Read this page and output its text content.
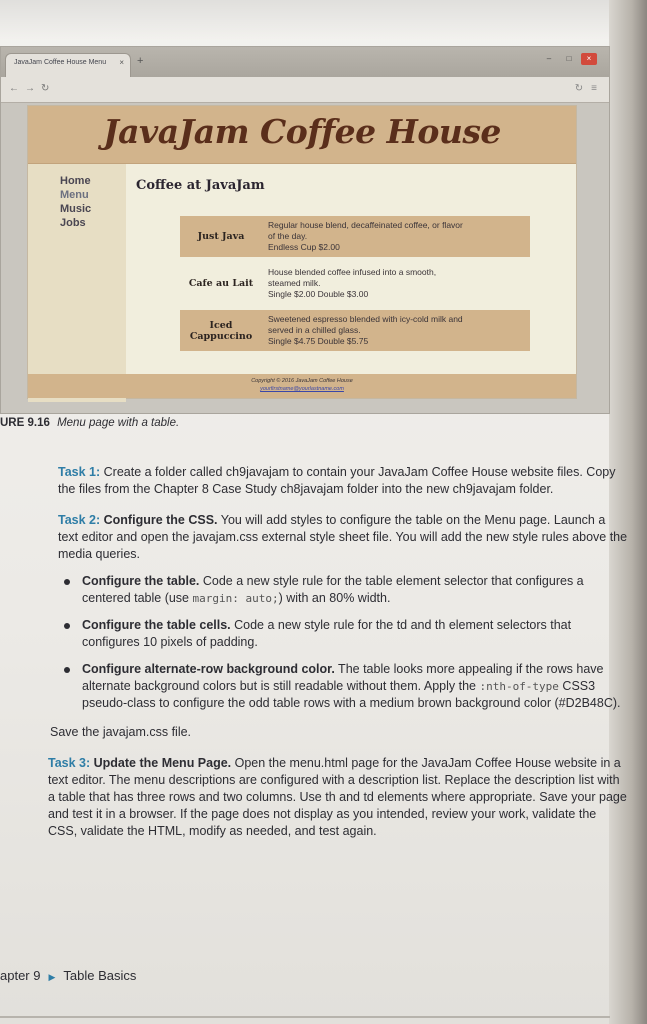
JavaJam Coffee House Menu × +	–	□	×
← → ↻	↻ ≡
JavaJam Coffee House
Home
Menu
Music
Jobs
Coffee at JavaJam
Just Java	Regular house blend, decaffeinated coffee, or flavor
of the day.
Endless Cup $2.00

Cafe au Lait	House blended coffee infused into a smooth,
steamed milk.
Single $2.00 Double $3.00

Iced Cappuccino	Sweetened espresso blended with icy-cold milk and
served in a chilled glass.
Single $4.75 Double $5.75
Copyright © 2016 JavaJam Coffee House
yourfirstname@yourlastname.com
URE 9.16 Menu page with a table.

Task 1: Create a folder called ch9javajam to contain your JavaJam Coffee House website files. Copy the files from the Chapter 8 Case Study ch8javajam folder into the new ch9javajam folder.

Task 2: Configure the CSS. You will add styles to configure the table on the Menu page. Launch a text editor and open the javajam.css external style sheet file. You will add the new style rules above the media queries.

Configure the table. Code a new style rule for the table element selector that configures a centered table (use margin: auto;) with an 80% width.
Configure the table cells. Code a new style rule for the td and th element selectors that configures 10 pixels of padding.
Configure alternate-row background color. The table looks more appealing if the rows have alternate background colors but is still readable without them. Apply the :nth-of-type CSS3 pseudo-class to configure the odd table rows with a medium brown background color (#D2B48C).

Save the javajam.css file.

Task 3: Update the Menu Page. Open the menu.html page for the JavaJam Coffee House website in a text editor. The menu descriptions are configured with a description list. Replace the description list with a table that has three rows and two columns. Use th and td elements where appropriate. Save your page and test it in a browser. If the page does not display as you intended, review your work, validate the CSS, validate the HTML, modify as needed, and test again.

apter 9 ▶ Table Basics
